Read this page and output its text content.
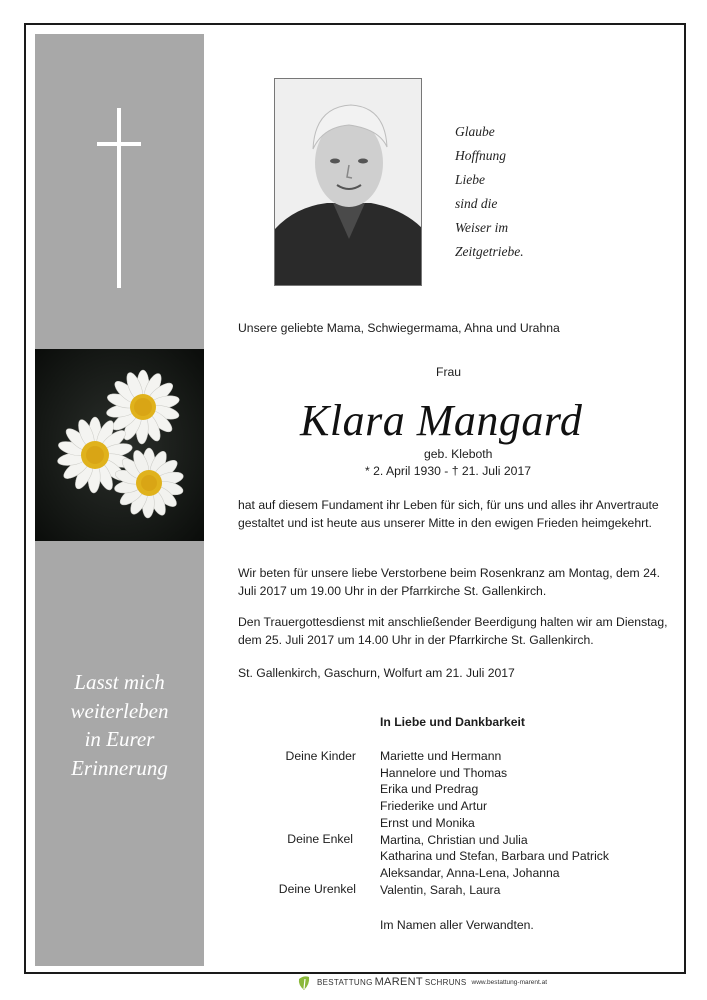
Lasst mich
weiterleben
in Eurer
Erinnerung
Glaube
Hoffnung
Liebe
sind die
Weiser im
Zeitgetriebe.
Unsere geliebte Mama, Schwiegermama, Ahna und Urahna
Frau
Klara Mangard
geb. Kleboth
* 2. April 1930 - † 21. Juli 2017
hat auf diesem Fundament ihr Leben für sich, für uns und alles ihr Anvertraute gestaltet und ist heute aus unserer Mitte in den ewigen Frieden heimgekehrt.
Wir beten für unsere liebe Verstorbene beim Rosenkranz am Montag, dem 24. Juli 2017 um 19.00 Uhr in der Pfarrkirche St. Gallenkirch.
Den Trauergottesdienst mit anschließender Beerdigung halten wir am Dienstag, dem 25. Juli 2017 um 14.00 Uhr in der Pfarrkirche St. Gallenkirch.
St. Gallenkirch, Gaschurn, Wolfurt am 21. Juli 2017
In Liebe und Dankbarkeit
Deine Kinder
Deine Enkel
Deine Urenkel
Mariette und Hermann
Hannelore und Thomas
Erika und Predrag
Friederike und Artur
Ernst und Monika
Martina, Christian und Julia
Katharina und Stefan, Barbara und Patrick
Aleksandar, Anna-Lena, Johanna
Valentin, Sarah, Laura
Im Namen aller Verwandten.
BESTATTUNG MARENT SCHRUNS www.bestattung-marent.at
